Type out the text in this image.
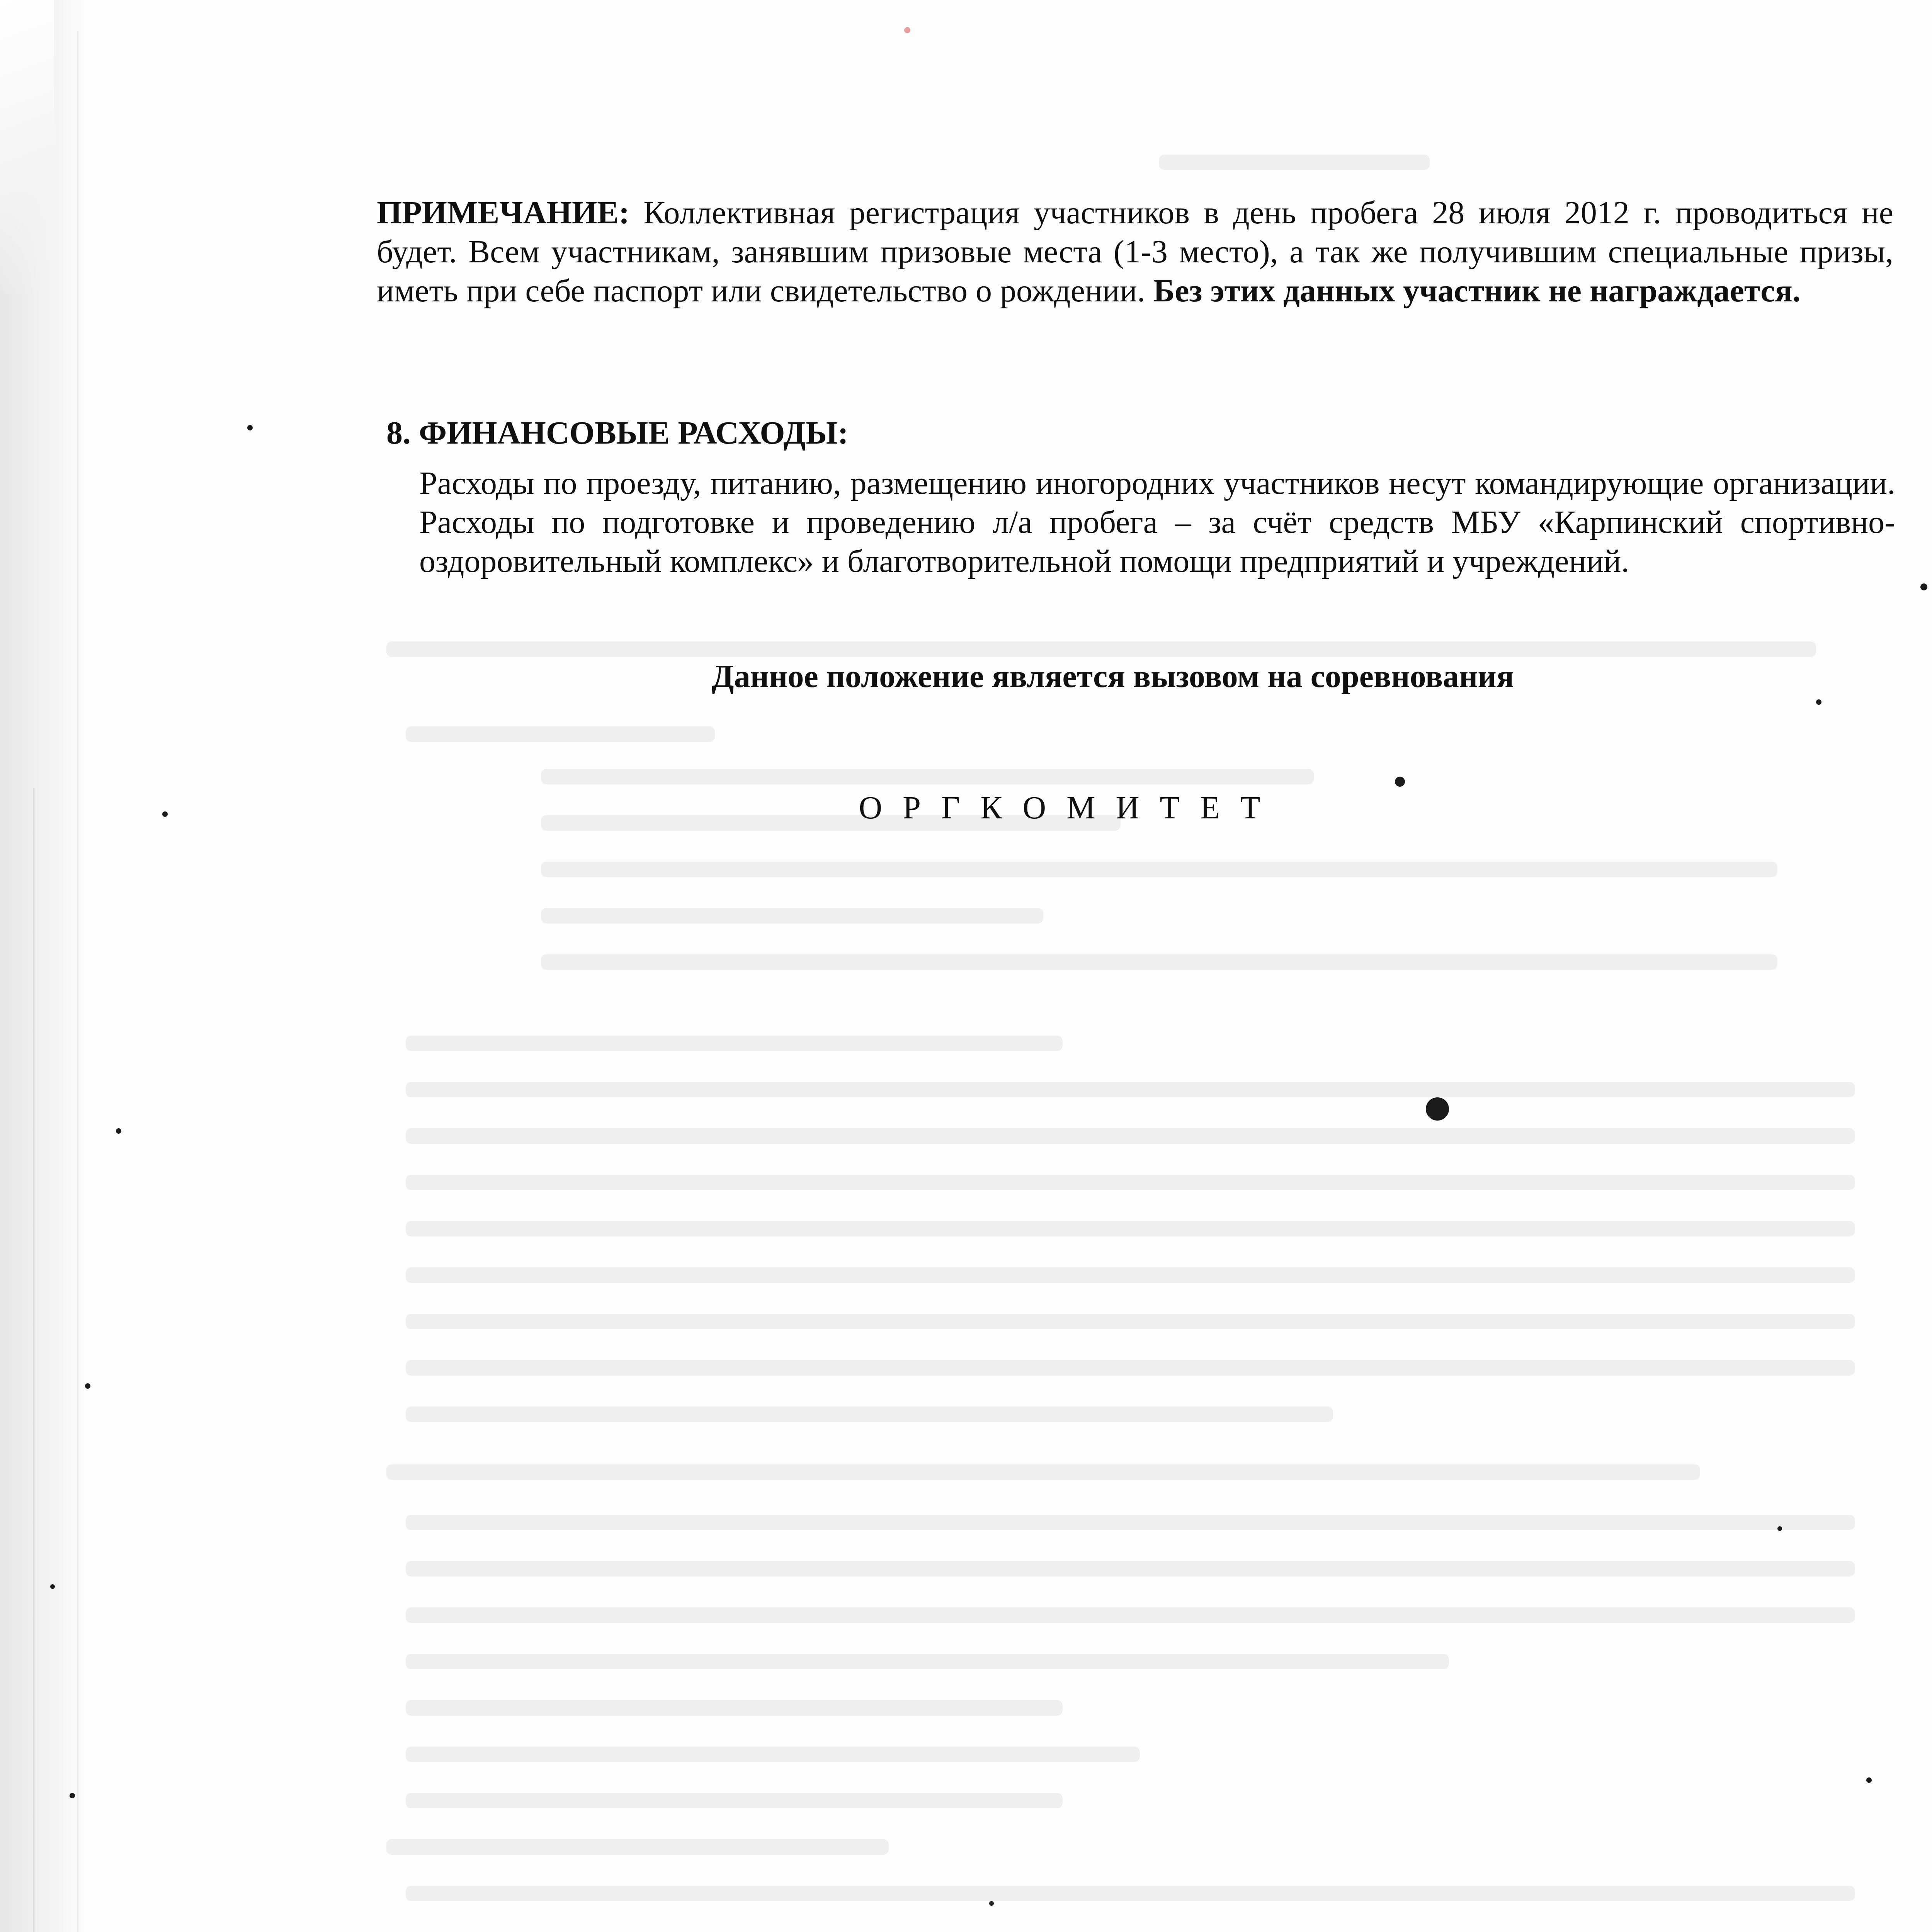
ПРИМЕЧАНИЕ: Коллективная регистрация участников в день пробега 28 июля 2012 г. проводиться не будет. Всем участникам, занявшим призовые места (1-3 место), а так же получившим специальные призы, иметь при себе паспорт или свидетельство о рождении. Без этих данных участник не награждается.
8. ФИНАНСОВЫЕ РАСХОДЫ:
Расходы по проезду, питанию, размещению иногородних участников несут командирующие организации. Расходы по подготовке и проведению л/а пробега – за счёт средств МБУ «Карпинский спортивно-оздоровительный комплекс» и благотворительной помощи предприятий и учреждений.
Данное положение является вызовом на соревнования
О Р Г К О М И Т Е Т
